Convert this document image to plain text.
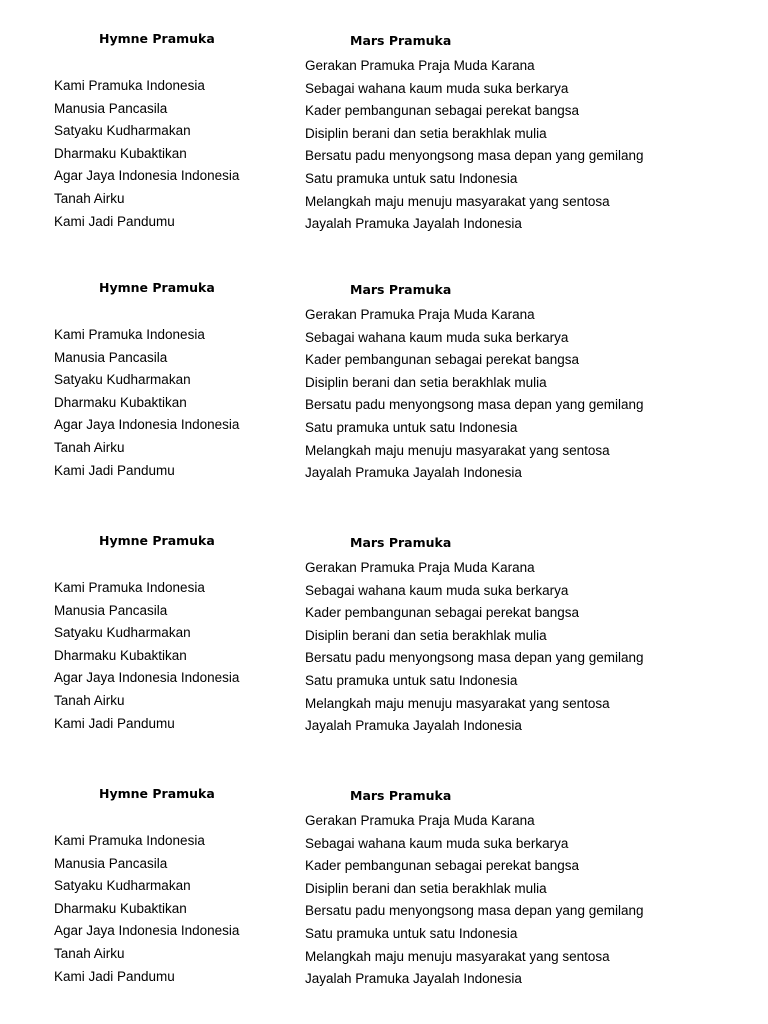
Hymne Pramuka
Kami Pramuka Indonesia
Manusia Pancasila
Satyaku Kudharmakan
Dharmaku Kubaktikan
Agar Jaya Indonesia Indonesia
Tanah Airku
Kami Jadi Pandumu
Mars Pramuka
Gerakan Pramuka Praja Muda Karana
Sebagai wahana kaum muda suka berkarya
Kader pembangunan sebagai perekat bangsa
Disiplin berani dan setia berakhlak mulia
Bersatu padu menyongsong masa depan yang gemilang
Satu pramuka untuk satu Indonesia
Melangkah maju menuju masyarakat yang sentosa
Jayalah Pramuka Jayalah Indonesia
Hymne Pramuka
Kami Pramuka Indonesia
Manusia Pancasila
Satyaku Kudharmakan
Dharmaku Kubaktikan
Agar Jaya Indonesia Indonesia
Tanah Airku
Kami Jadi Pandumu
Mars Pramuka
Gerakan Pramuka Praja Muda Karana
Sebagai wahana kaum muda suka berkarya
Kader pembangunan sebagai perekat bangsa
Disiplin berani dan setia berakhlak mulia
Bersatu padu menyongsong masa depan yang gemilang
Satu pramuka untuk satu Indonesia
Melangkah maju menuju masyarakat yang sentosa
Jayalah Pramuka Jayalah Indonesia
Hymne Pramuka
Kami Pramuka Indonesia
Manusia Pancasila
Satyaku Kudharmakan
Dharmaku Kubaktikan
Agar Jaya Indonesia Indonesia
Tanah Airku
Kami Jadi Pandumu
Mars Pramuka
Gerakan Pramuka Praja Muda Karana
Sebagai wahana kaum muda suka berkarya
Kader pembangunan sebagai perekat bangsa
Disiplin berani dan setia berakhlak mulia
Bersatu padu menyongsong masa depan yang gemilang
Satu pramuka untuk satu Indonesia
Melangkah maju menuju masyarakat yang sentosa
Jayalah Pramuka Jayalah Indonesia
Hymne Pramuka
Kami Pramuka Indonesia
Manusia Pancasila
Satyaku Kudharmakan
Dharmaku Kubaktikan
Agar Jaya Indonesia Indonesia
Tanah Airku
Kami Jadi Pandumu
Mars Pramuka
Gerakan Pramuka Praja Muda Karana
Sebagai wahana kaum muda suka berkarya
Kader pembangunan sebagai perekat bangsa
Disiplin berani dan setia berakhlak mulia
Bersatu padu menyongsong masa depan yang gemilang
Satu pramuka untuk satu Indonesia
Melangkah maju menuju masyarakat yang sentosa
Jayalah Pramuka Jayalah Indonesia
